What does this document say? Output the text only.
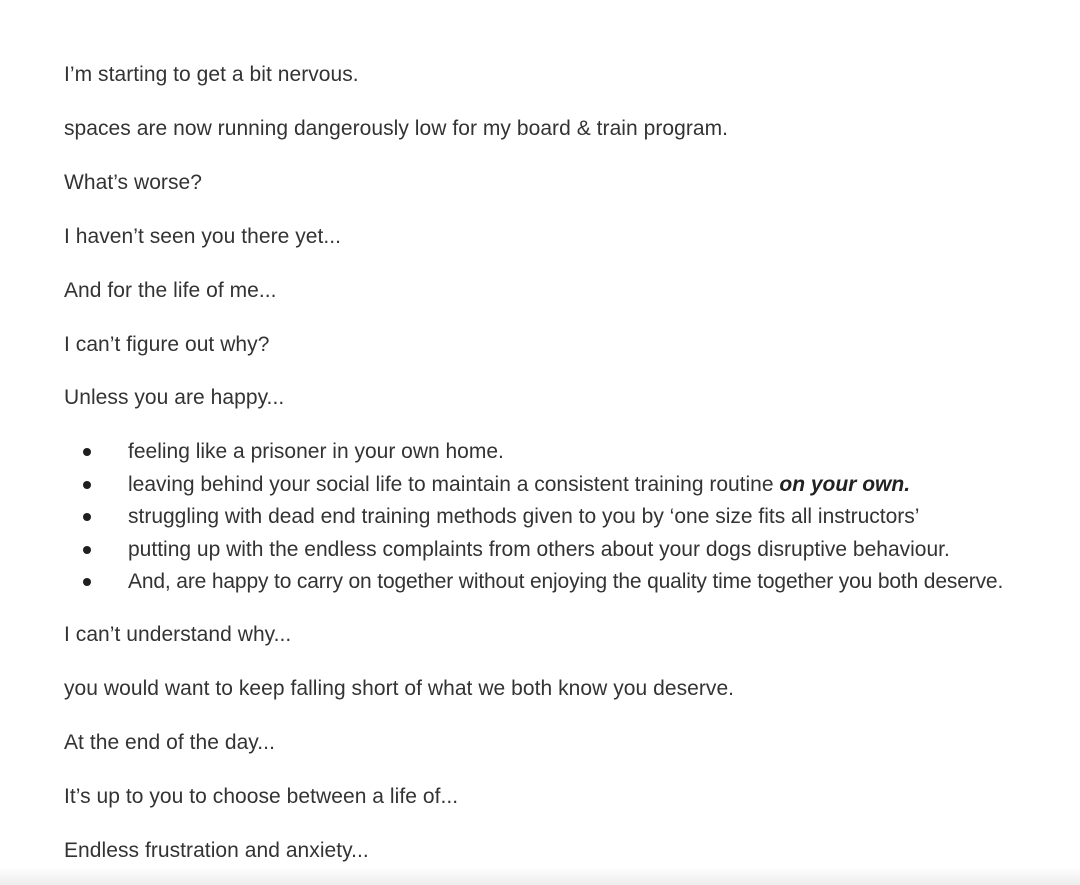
I’m starting to get a bit nervous.

spaces are now running dangerously low for my board & train program.

What’s worse?

I haven’t seen you there yet...

And for the life of me...

I can’t figure out why?

Unless you are happy...

feeling like a prisoner in your own home.
leaving behind your social life to maintain a consistent training routine on your own.
struggling with dead end training methods given to you by ‘one size fits all instructors’
putting up with the endless complaints from others about your dogs disruptive behaviour.
And, are happy to carry on together without enjoying the quality time together you both deserve.

I can’t understand why...

you would want to keep falling short of what we both know you deserve.

At the end of the day...

It’s up to you to choose between a life of...

Endless frustration and anxiety...
